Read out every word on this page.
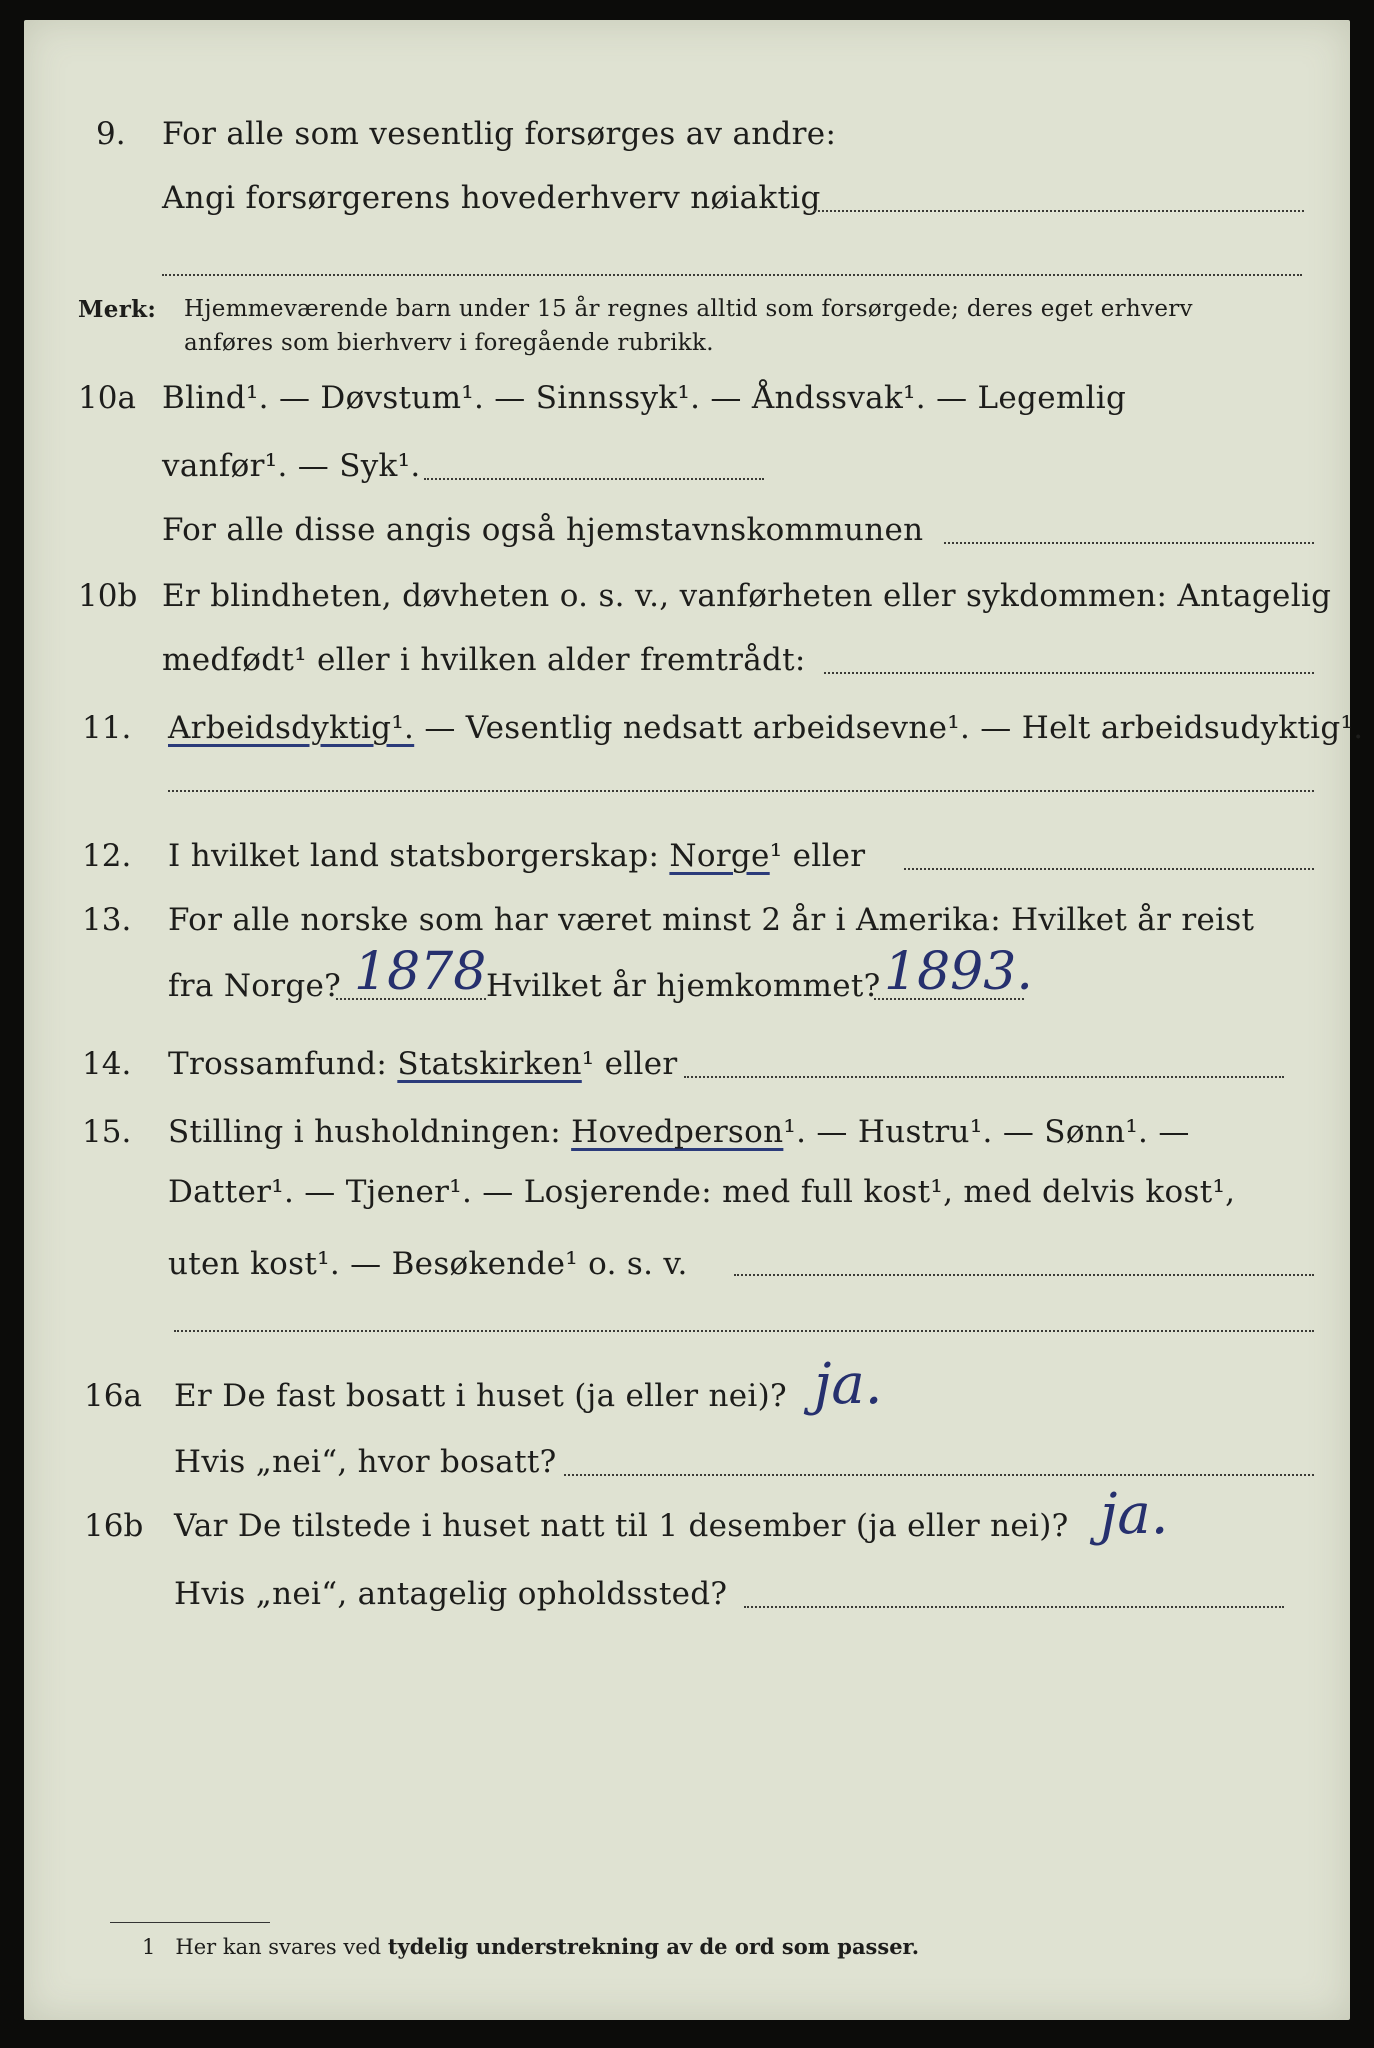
9. For alle som vesentlig forsørges av andre:
Angi forsørgerens hovederhverv nøiaktig
Merk: Hjemmeværende barn under 15 år regnes alltid som forsørgede; deres eget erhverv
anføres som bierhverv i foregående rubrikk.
10a Blind¹. — Døvstum¹. — Sinnssyk¹. — Åndssvak¹. — Legemlig
vanfør¹. — Syk¹.
For alle disse angis også hjemstavnskommunen
10b Er blindheten, døvheten o. s. v., vanførheten eller sykdommen: Antagelig
medfødt¹ eller i hvilken alder fremtrådt:
11. Arbeidsdyktig¹. — Vesentlig nedsatt arbeidsevne¹. — Helt arbeidsudyktig¹.
12. I hvilket land statsborgerskap: Norge¹ eller
13. For alle norske som har været minst 2 år i Amerika: Hvilket år reist
fra Norge? 1878 Hvilket år hjemkommet? 1893.
14. Trossamfund: Statskirken¹ eller
15. Stilling i husholdningen: Hovedperson¹. — Hustru¹. — Sønn¹. —
Datter¹. — Tjener¹. — Losjerende: med full kost¹, med delvis kost¹,
uten kost¹. — Besøkende¹ o. s. v.
16a Er De fast bosatt i huset (ja eller nei)? ja.
Hvis „nei“, hvor bosatt?
16b Var De tilstede i huset natt til 1 desember (ja eller nei)? ja.
Hvis „nei“, antagelig opholdssted?
1 Her kan svares ved tydelig understrekning av de ord som passer.
